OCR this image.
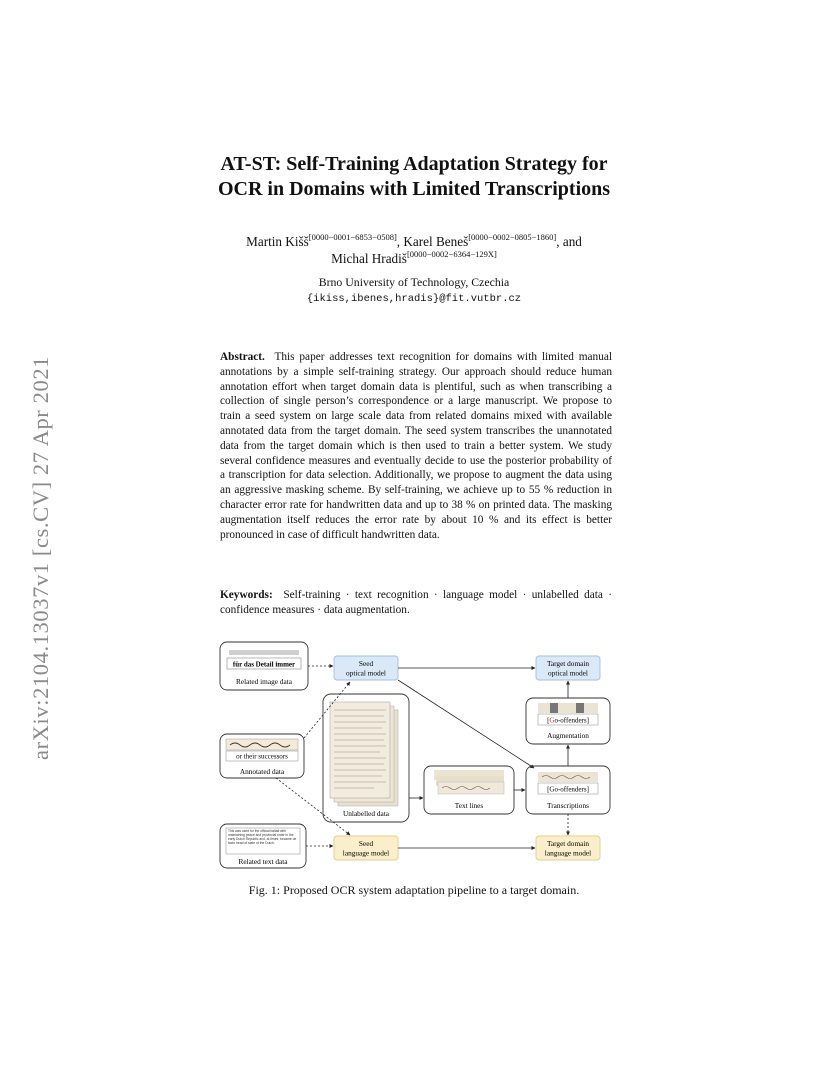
arXiv:2104.13037v1 [cs.CV] 27 Apr 2021
AT-ST: Self-Training Adaptation Strategy for
OCR in Domains with Limited Transcriptions
Martin Kišš[0000−0001−6853−0508], Karel Beneš[0000−0002−0805−1860], and
Michal Hradiš[0000−0002−6364−129X]
Brno University of Technology, Czechia
{ikiss,ibenes,hradis}@fit.vutbr.cz
Abstract. This paper addresses text recognition for domains with limited manual annotations by a simple self-training strategy. Our approach should reduce human annotation effort when target domain data is plentiful, such as when transcribing a collection of single person’s correspondence or a large manuscript. We propose to train a seed system on large scale data from related domains mixed with available annotated data from the target domain. The seed system transcribes the unannotated data from the target domain which is then used to train a better system. We study several confidence measures and eventually decide to use the posterior probability of a transcription for data selection. Additionally, we propose to augment the data using an aggressive masking scheme. By self-training, we achieve up to 55 % reduction in character error rate for handwritten data and up to 38 % on printed data. The masking augmentation itself reduces the error rate by about 10 % and its effect is better pronounced in case of difficult handwritten data.
Keywords: Self-training · text recognition · language model · unlabelled data · confidence measures · data augmentation.
für das Detail immer
Related image data
or their successors
Annotated data
This was used for the official ballad with maintaining peace and provincial order in the early Dutch Republic and, at times, became de facto head of state of the Dutch.
Related text data
Seed
optical model
Seed
language model
Unlabelled data
Text lines
Target domain
optical model
[Go-offenders]
Augmentation
[Go-offenders]
Transcriptions
Target domain
language model
Fig. 1: Proposed OCR system adaptation pipeline to a target domain.
